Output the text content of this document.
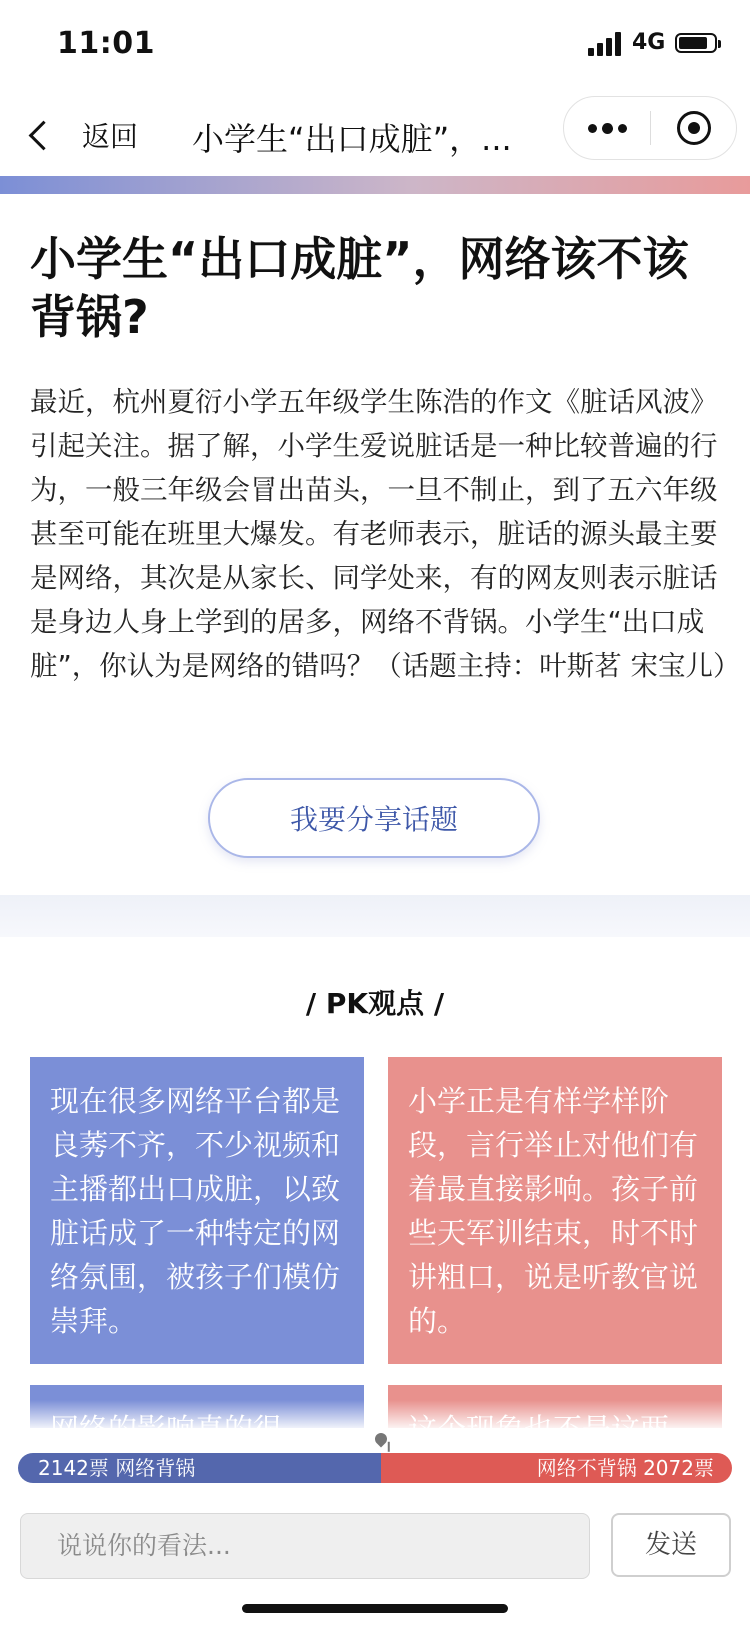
11:01	4G
返回 小学生“出口成脏”，...
小学生“出口成脏”，网络该不该背锅?
最近，杭州夏衍小学五年级学生陈浩的作文《脏话风波》引起关注。据了解，小学生爱说脏话是一种比较普遍的行为，一般三年级会冒出苗头，一旦不制止，到了五六年级甚至可能在班里大爆发。有老师表示，脏话的源头最主要是网络，其次是从家长、同学处来，有的网友则表示脏话是身边人身上学到的居多，网络不背锅。小学生“出口成脏”，你认为是网络的错吗？（话题主持：叶斯茗 宋宝儿）
我要分享话题
/ PK观点 /
现在很多网络平台都是良莠不齐，不少视频和主播都出口成脏，以致脏话成了一种特定的网络氛围，被孩子们模仿崇拜。
小学正是有样学样阶段，言行举止对他们有着最直接影响。孩子前些天军训结束，时不时讲粗口，说是听教官说的。
2142票 网络背锅	网络不背锅 2072票
说说你的看法...	发送
